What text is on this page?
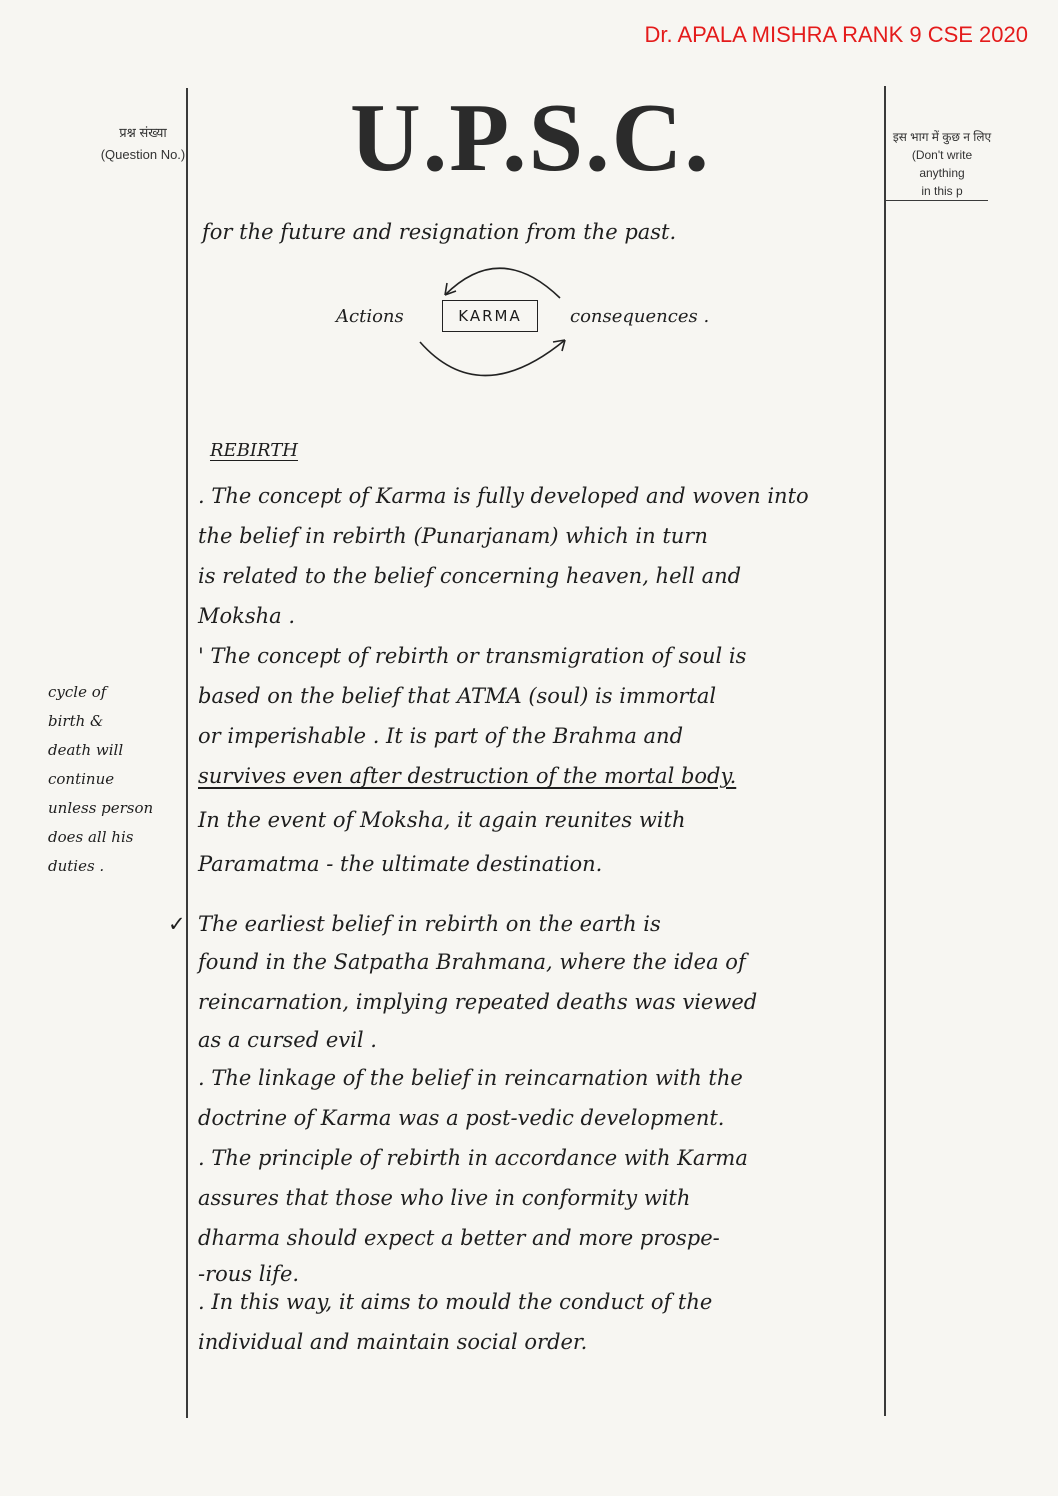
Dr. APALA MISHRA RANK 9 CSE 2020
प्रश्न संख्या
(Question No.) U.P.S.C.	इस भाग में कुछ न लिए
(Don't write anything
in this p
for the future and resignation from the past.
Actions	KARMA	consequences .
REBIRTH
. The concept of Karma is fully developed and woven into
the belief in rebirth (Punarjanam) which in turn
is related to the belief concerning heaven, hell and
Moksha .
' The concept of rebirth or transmigration of soul is
based on the belief that ATMA (soul) is immortal
or imperishable . It is part of the Brahma and
survives even after destruction of the mortal body.
In the event of Moksha, it again reunites with
Paramatma - the ultimate destination.
✓ The earliest belief in rebirth on the earth is
found in the Satpatha Brahmana, where the idea of
reincarnation, implying repeated deaths was viewed
as a cursed evil .
. The linkage of the belief in reincarnation with the
doctrine of Karma was a post-vedic development.
. The principle of rebirth in accordance with Karma
assures that those who live in conformity with
dharma should expect a better and more prospe-
-rous life.
. In this way, it aims to mould the conduct of the
individual and maintain social order.
cycle of
birth &
death will
continue
unless person
does all his
duties .
